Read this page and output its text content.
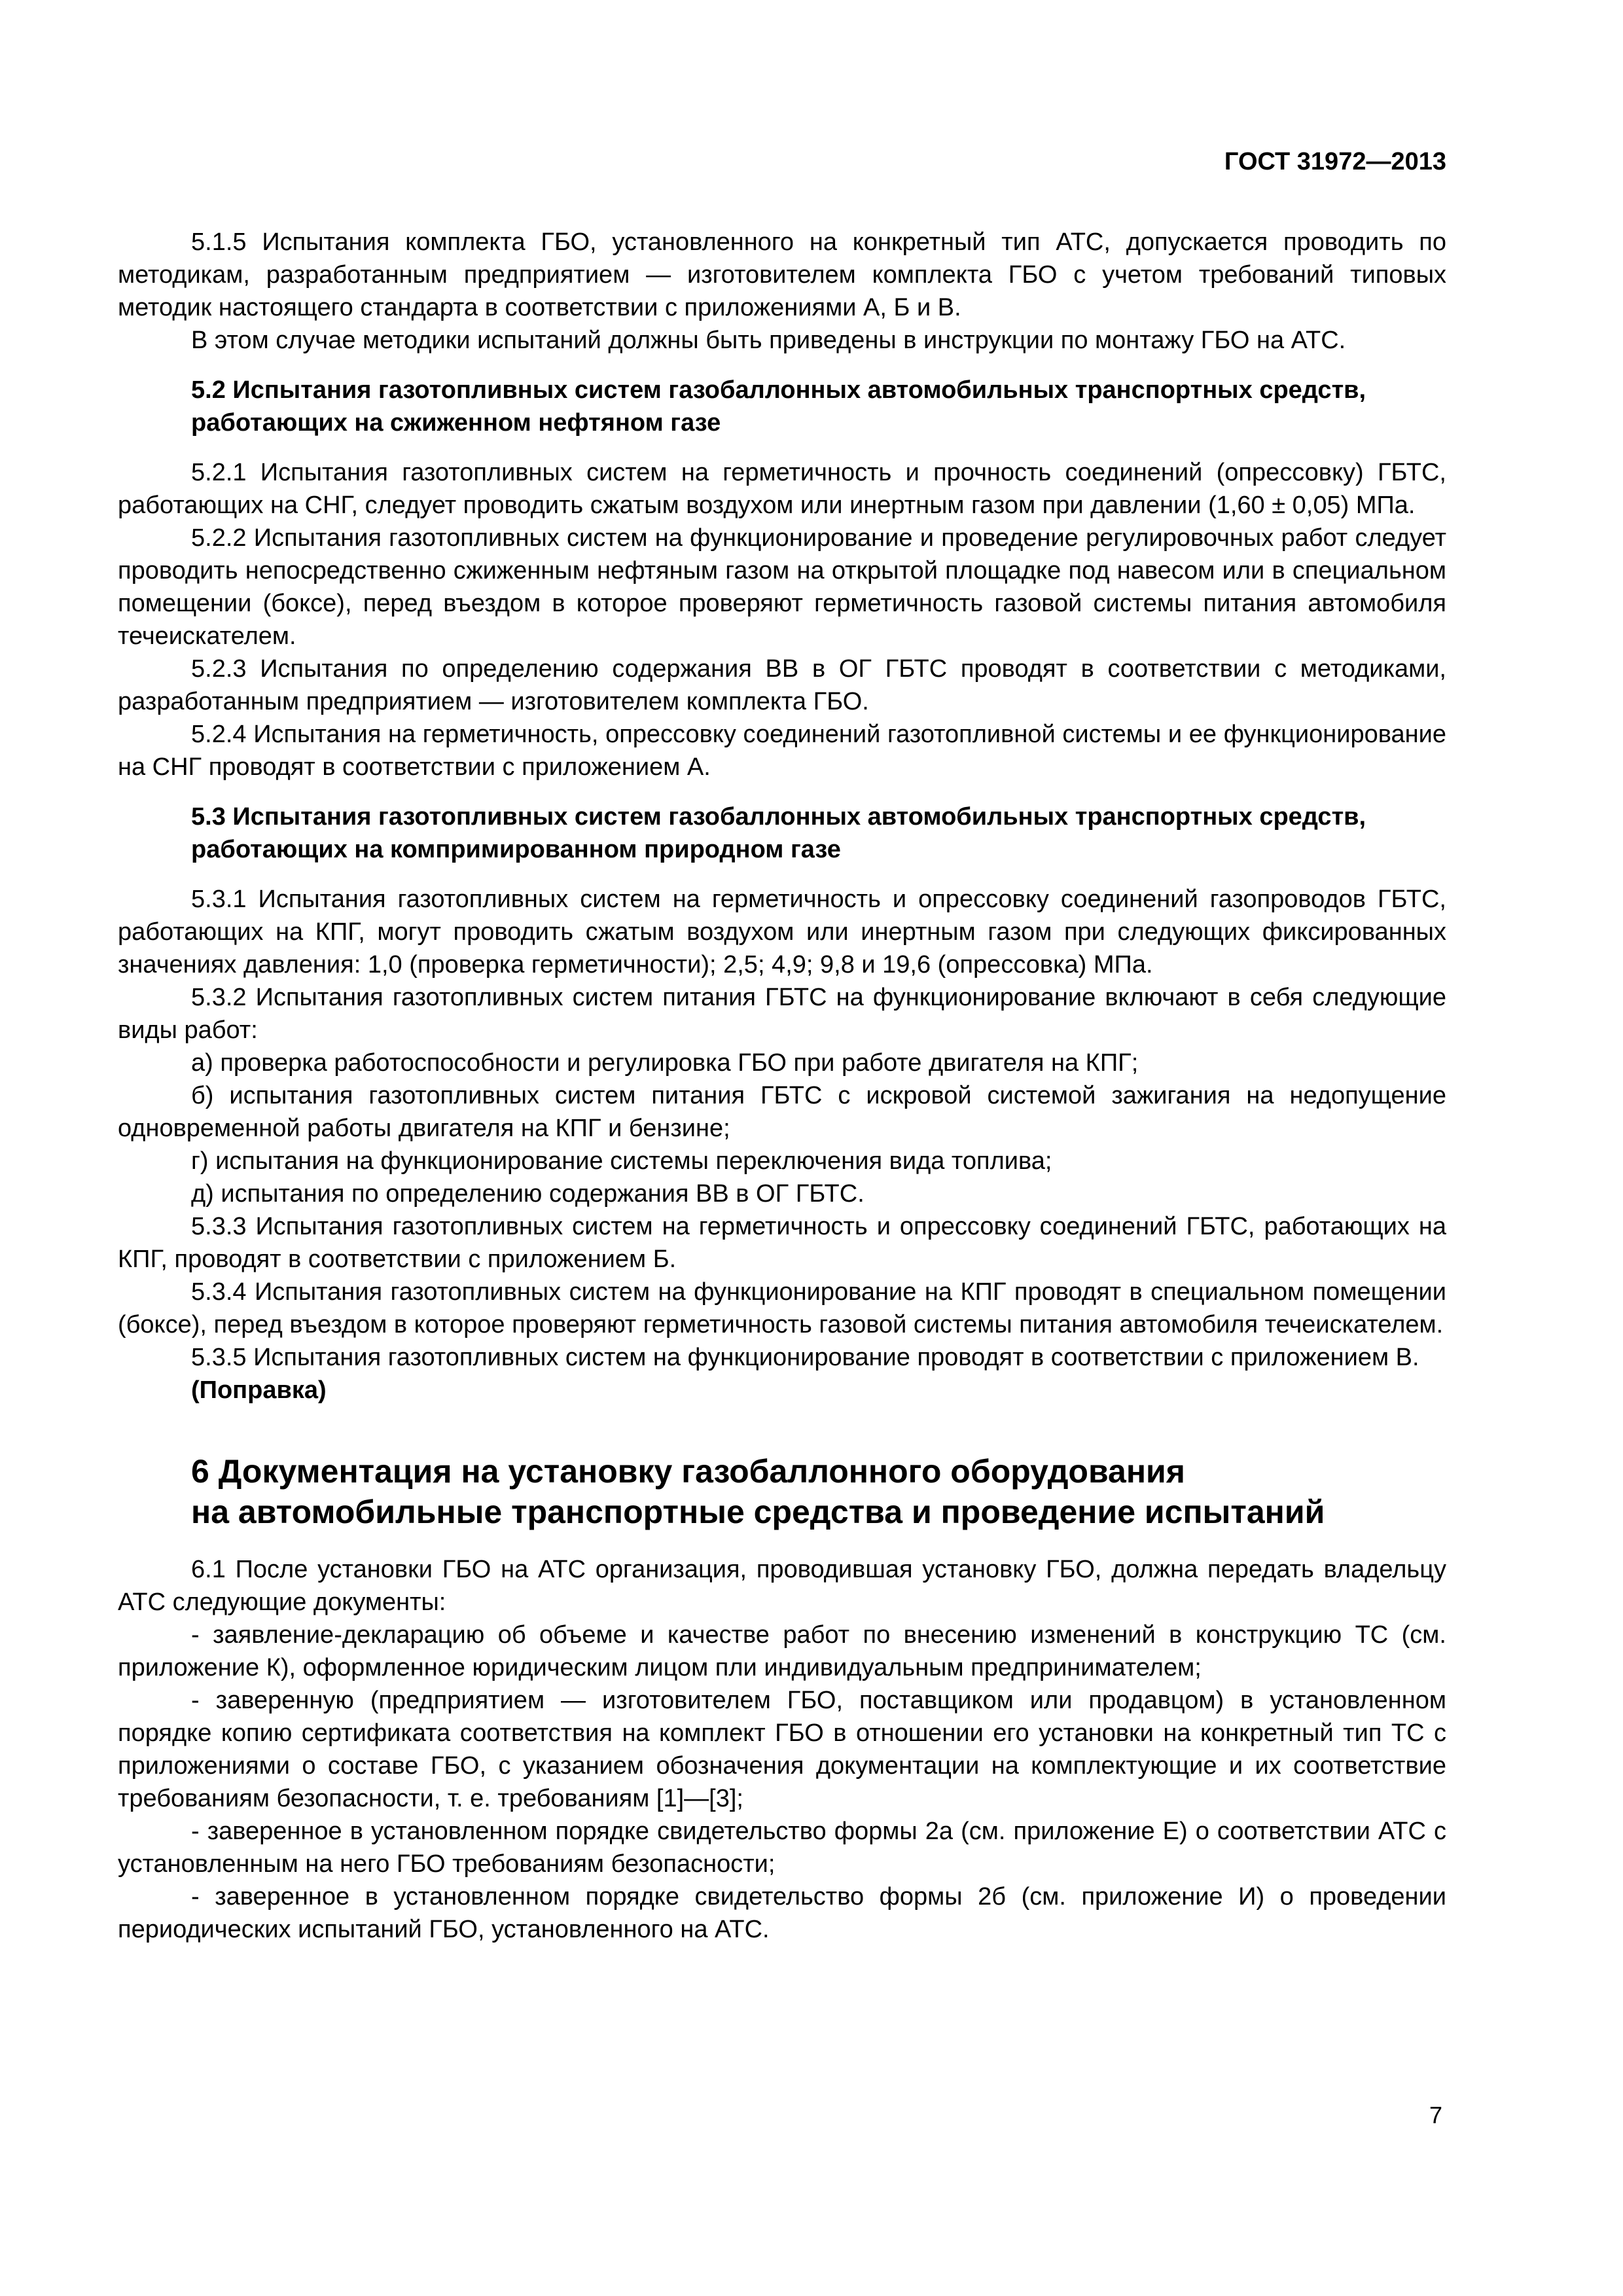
ГОСТ 31972—2013

5.1.5 Испытания комплекта ГБО, установленного на конкретный тип АТС, допускается проводить по методикам, разработанным предприятием — изготовителем комплекта ГБО с учетом требований типовых методик настоящего стандарта в соответствии с приложениями А, Б и В.

В этом случае методики испытаний должны быть приведены в инструкции по монтажу ГБО на АТС.

5.2 Испытания газотопливных систем газобаллонных автомобильных транспортных средств, работающих на сжиженном нефтяном газе

5.2.1 Испытания газотопливных систем на герметичность и прочность соединений (опрессовку) ГБТС, работающих на СНГ, следует проводить сжатым воздухом или инертным газом при давлении (1,60 ± 0,05) МПа.

5.2.2 Испытания газотопливных систем на функционирование и проведение регулировочных работ следует проводить непосредственно сжиженным нефтяным газом на открытой площадке под навесом или в специальном помещении (боксе), перед въездом в которое проверяют герметичность газовой системы питания автомобиля течеискателем.

5.2.3 Испытания по определению содержания ВВ в ОГ ГБТС проводят в соответствии с методиками, разработанным предприятием — изготовителем комплекта ГБО.

5.2.4 Испытания на герметичность, опрессовку соединений газотопливной системы и ее функционирование на СНГ проводят в соответствии с приложением А.

5.3 Испытания газотопливных систем газобаллонных автомобильных транспортных средств, работающих на компримированном природном газе

5.3.1 Испытания газотопливных систем на герметичность и опрессовку соединений газопроводов ГБТС, работающих на КПГ, могут проводить сжатым воздухом или инертным газом при следующих фиксированных значениях давления: 1,0 (проверка герметичности); 2,5; 4,9; 9,8 и 19,6 (опрессовка) МПа.

5.3.2 Испытания газотопливных систем питания ГБТС на функционирование включают в себя следующие виды работ:

а) проверка работоспособности и регулировка ГБО при работе двигателя на КПГ;

б) испытания газотопливных систем питания ГБТС с искровой системой зажигания на недопущение одновременной работы двигателя на КПГ и бензине;

г) испытания на функционирование системы переключения вида топлива;

д) испытания по определению содержания ВВ в ОГ ГБТС.

5.3.3 Испытания газотопливных систем на герметичность и опрессовку соединений ГБТС, работающих на КПГ, проводят в соответствии с приложением Б.

5.3.4 Испытания газотопливных систем на функционирование на КПГ проводят в специальном помещении (боксе), перед въездом в которое проверяют герметичность газовой системы питания автомобиля течеискателем.

5.3.5 Испытания газотопливных систем на функционирование проводят в соответствии с приложением В.

(Поправка)

6 Документация на установку газобаллонного оборудования
на автомобильные транспортные средства и проведение испытаний

6.1 После установки ГБО на АТС организация, проводившая установку ГБО, должна передать владельцу АТС следующие документы:

- заявление-декларацию об объеме и качестве работ по внесению изменений в конструкцию ТС (см. приложение К), оформленное юридическим лицом пли индивидуальным предпринимателем;

- заверенную (предприятием — изготовителем ГБО, поставщиком или продавцом) в установленном порядке копию сертификата соответствия на комплект ГБО в отношении его установки на конкретный тип ТС с приложениями о составе ГБО, с указанием обозначения документации на комплектующие и их соответствие требованиям безопасности, т. е. требованиям [1]—[3];

- заверенное в установленном порядке свидетельство формы 2а (см. приложение Е) о соответствии АТС с установленным на него ГБО требованиям безопасности;

- заверенное в установленном порядке свидетельство формы 2б (см. приложение И) о проведении периодических испытаний ГБО, установленного на АТС.

7
